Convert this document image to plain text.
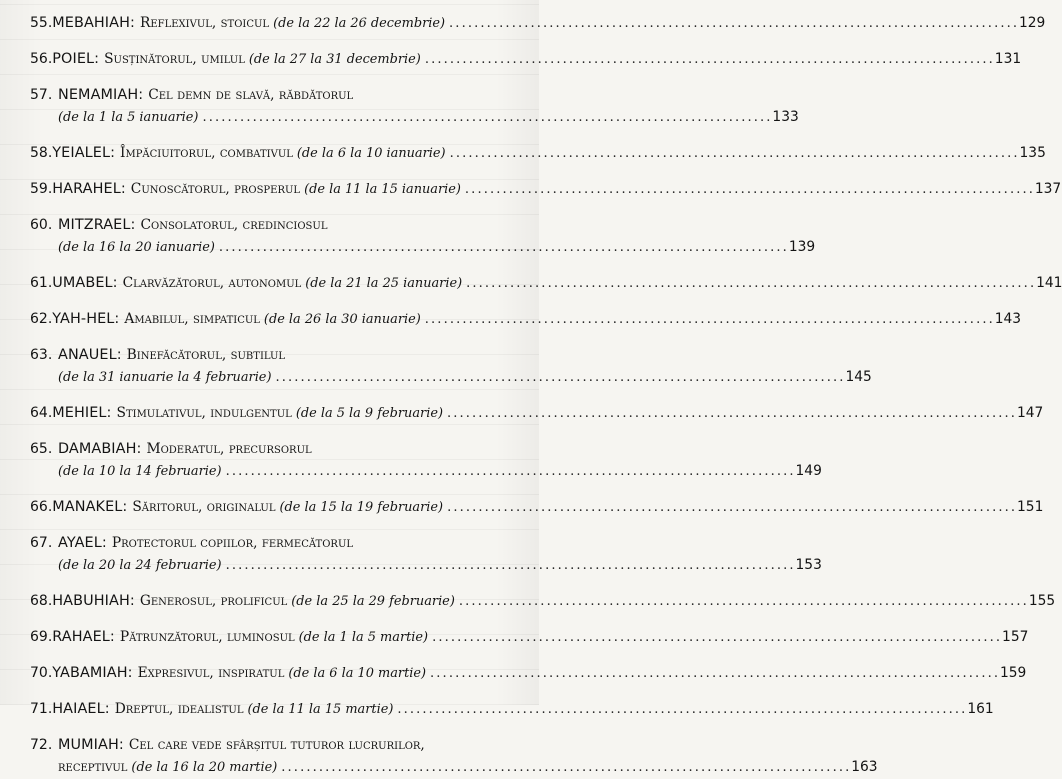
55. MEBAHIAH: Reflexivul, stoicul (de la 22 la 26 decembrie) . . .	129
56. POIEL: Susținătorul, umilul (de la 27 la 31 decembrie) . . .	131
57. NEMAMIAH: Cel demn de slavă, răbdătorul
(de la 1 la 5 ianuarie) . . .	133
58. YEIALEL: Împăciuitorul, combativul (de la 6 la 10 ianuarie) . . .	135
59. HARAHEL: Cunoscătorul, prosperul (de la 11 la 15 ianuarie) . . .	137
60. MITZRAEL: Consolatorul, credinciosul
(de la 16 la 20 ianuarie) . . .	139
61. UMABEL: Clarvăzătorul, autonomul (de la 21 la 25 ianuarie) . . .	141
62. YAH-HEL: Amabilul, simpaticul (de la 26 la 30 ianuarie) . . .	143
63. ANAUEL: Binefăcătorul, subtilul
(de la 31 ianuarie la 4 februarie) . . .	145
64. MEHIEL: Stimulativul, indulgentul (de la 5 la 9 februarie) . . .	147
65. DAMABIAH: Moderatul, precursorul
(de la 10 la 14 februarie) . . .	149
66. MANAKEL: Săritorul, originalul (de la 15 la 19 februarie) . . .	151
67. AYAEL: Protectorul copiilor, fermecătorul
(de la 20 la 24 februarie) . . .	153
68. HABUHIAH: Generosul, prolificul (de la 25 la 29 februarie) . . .	155
69. RAHAEL: Pătrunzătorul, luminosul (de la 1 la 5 martie) . . .	157
70. YABAMIAH: Expresivul, inspiratul (de la 6 la 10 martie) . . .	159
71. HAIAEL: Dreptul, idealistul (de la 11 la 15 martie) . . .	161
72. MUMIAH: Cel care vede sfârșitul tuturor lucrurilor,
receptivul (de la 16 la 20 martie) . . .	163
